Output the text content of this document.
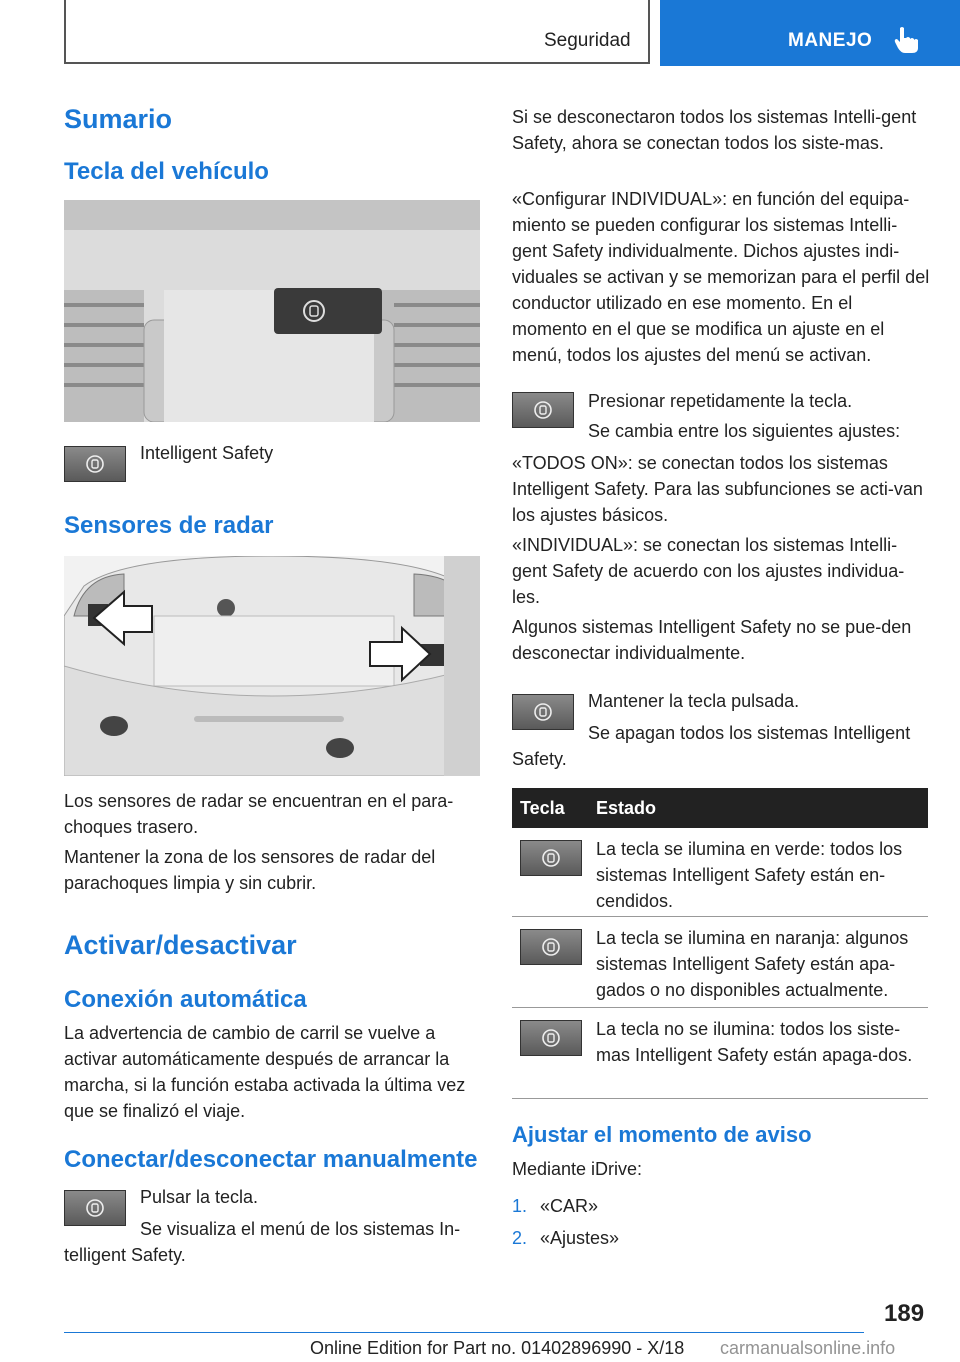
Seguridad	MANEJO
Sumario
Tecla del vehículo

Intelligent Safety

Sensores de radar

Los sensores de radar se encuentran en el para-choques trasero.

Mantener la zona de los sensores de radar del parachoques limpia y sin cubrir.

Activar/desactivar
Conexión automática

La advertencia de cambio de carril se vuelve a activar automáticamente después de arrancar la marcha, si la función estaba activada la última vez que se finalizó el viaje.

Conectar/desconectar manualmente

Pulsar la tecla.

Se visualiza el menú de los sistemas In-telligent Safety.

Si se desconectaron todos los sistemas Intelli-gent Safety, ahora se conectan todos los siste-mas.

«Configurar INDIVIDUAL»: en función del equipa-miento se pueden configurar los sistemas Intelli-gent Safety individualmente. Dichos ajustes indi-viduales se activan y se memorizan para el perfil del conductor utilizado en ese momento. En el momento en el que se modifica un ajuste en el menú, todos los ajustes del menú se activan.

Presionar repetidamente la tecla.

Se cambia entre los siguientes ajustes:

«TODOS ON»: se conectan todos los sistemas Intelligent Safety. Para las subfunciones se acti-van los ajustes básicos.

«INDIVIDUAL»: se conectan los sistemas Intelli-gent Safety de acuerdo con los ajustes individua-les.

Algunos sistemas Intelligent Safety no se pue-den desconectar individualmente.

Mantener la tecla pulsada.

Se apagan todos los sistemas Intelligent Safety.

Tecla Estado

La tecla se ilumina en verde: todos los sistemas Intelligent Safety están en-cendidos.

La tecla se ilumina en naranja: algunos sistemas Intelligent Safety están apa-gados o no disponibles actualmente.

La tecla no se ilumina: todos los siste-mas Intelligent Safety están apaga-dos.

Ajustar el momento de aviso

Mediante iDrive:

1. «CAR»
2. «Ajustes»
189
Online Edition for Part no. 01402896990 - X/18 carmanualsonline.info
